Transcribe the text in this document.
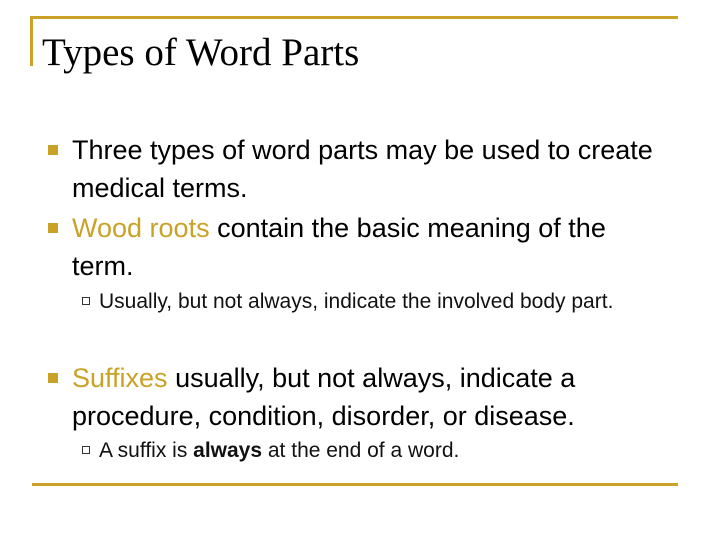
Types of Word Parts
Three types of word parts may be used to create medical terms.
Wood roots contain the basic meaning of the term.
Usually, but not always, indicate the involved body part.
Suffixes usually, but not always, indicate a procedure, condition, disorder, or disease.
A suffix is always at the end of a word.
